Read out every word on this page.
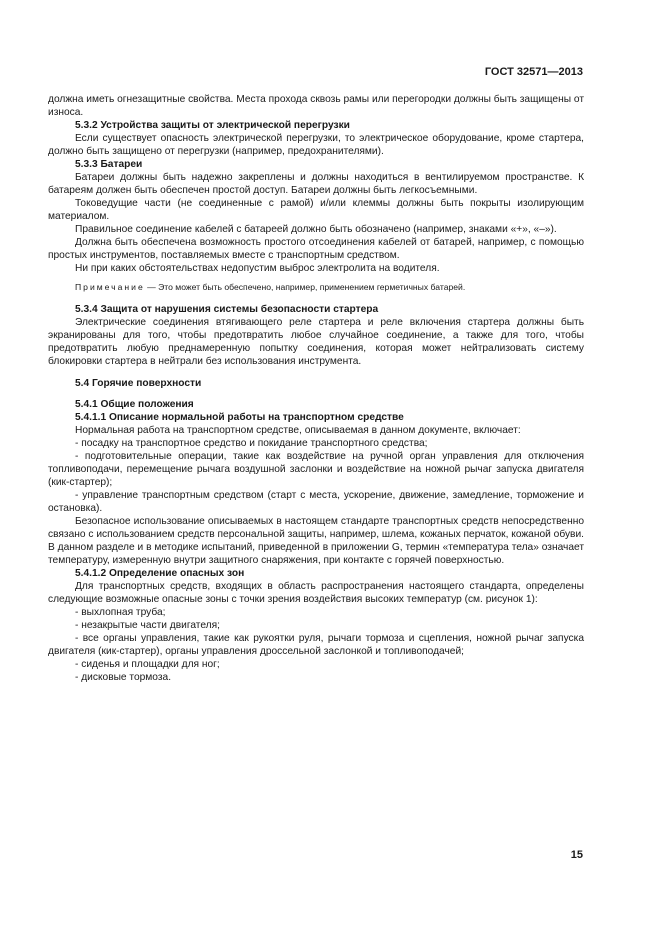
ГОСТ 32571—2013

должна иметь огнезащитные свойства. Места прохода сквозь рамы или перегородки должны быть защищены от износа.

5.3.2 Устройства защиты от электрической перегрузки

Если существует опасность электрической перегрузки, то электрическое оборудование, кроме стартера, должно быть защищено от перегрузки (например, предохранителями).

5.3.3 Батареи

Батареи должны быть надежно закреплены и должны находиться в вентилируемом пространстве. К батареям должен быть обеспечен простой доступ. Батареи должны быть легкосъемными.

Токоведущие части (не соединенные с рамой) и/или клеммы должны быть покрыты изолирующим материалом.

Правильное соединение кабелей с батареей должно быть обозначено (например, знаками «+», «–»).

Должна быть обеспечена возможность простого отсоединения кабелей от батарей, например, с помощью простых инструментов, поставляемых вместе с транспортным средством.

Ни при каких обстоятельствах недопустим выброс электролита на водителя.

Примечание — Это может быть обеспечено, например, применением герметичных батарей.

5.3.4 Защита от нарушения системы безопасности стартера

Электрические соединения втягивающего реле стартера и реле включения стартера должны быть экранированы для того, чтобы предотвратить любое случайное соединение, а также для того, чтобы предотвратить любую преднамеренную попытку соединения, которая может нейтрализовать систему блокировки стартера в нейтрали без использования инструмента.

5.4 Горячие поверхности

5.4.1 Общие положения

5.4.1.1 Описание нормальной работы на транспортном средстве

Нормальная работа на транспортном средстве, описываемая в данном документе, включает:

- посадку на транспортное средство и покидание транспортного средства;

- подготовительные операции, такие как воздействие на ручной орган управления для отключения топливоподачи, перемещение рычага воздушной заслонки и воздействие на ножной рычаг запуска двигателя (кик-стартер);

- управление транспортным средством (старт с места, ускорение, движение, замедление, торможение и остановка).

Безопасное использование описываемых в настоящем стандарте транспортных средств непосредственно связано с использованием средств персональной защиты, например, шлема, кожаных перчаток, кожаной обуви. В данном разделе и в методике испытаний, приведенной в приложении G, термин «температура тела» означает температуру, измеренную внутри защитного снаряжения, при контакте с горячей поверхностью.

5.4.1.2 Определение опасных зон

Для транспортных средств, входящих в область распространения настоящего стандарта, определены следующие возможные опасные зоны с точки зрения воздействия высоких температур (см. рисунок 1):

- выхлопная труба;

- незакрытые части двигателя;

- все органы управления, такие как рукоятки руля, рычаги тормоза и сцепления, ножной рычаг запуска двигателя (кик-стартер), органы управления дроссельной заслонкой и топливоподачей;

- сиденья и площадки для ног;

- дисковые тормоза.

15
